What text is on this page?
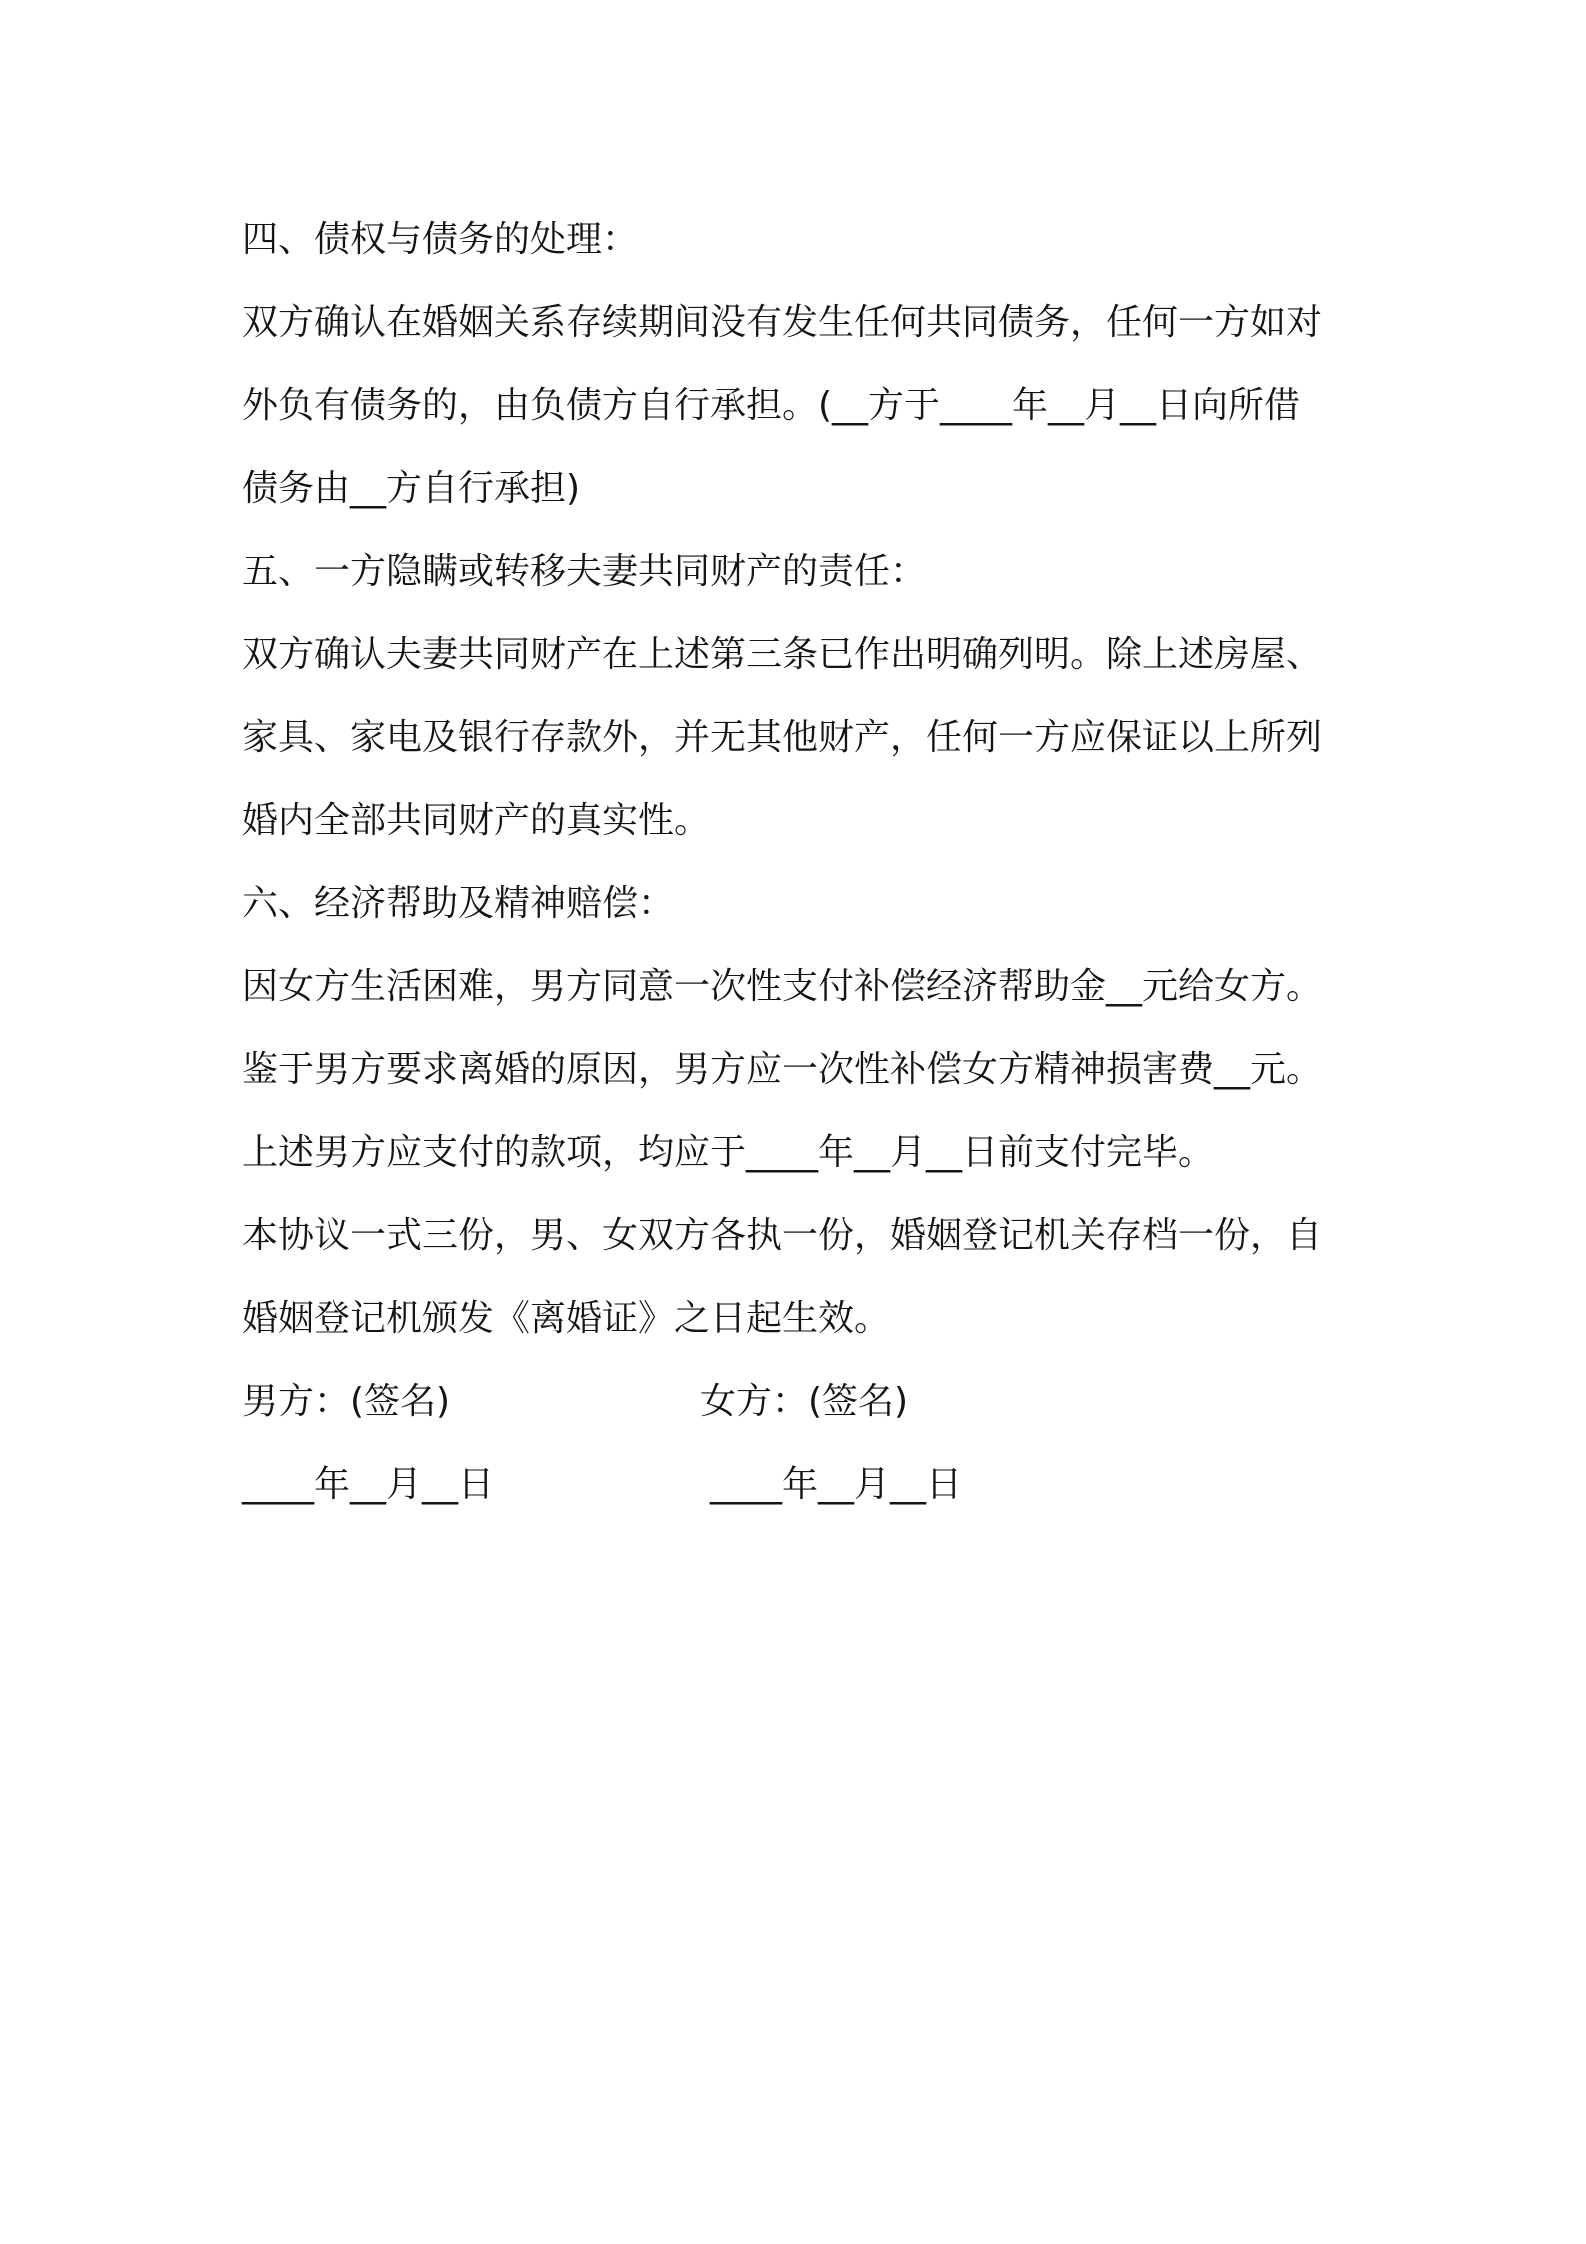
四、债权与债务的处理：

双方确认在婚姻关系存续期间没有发生任何共同债务，任何一方如对

外负有债务的，由负债方自行承担。(__方于____年__月__日向所借

债务由__方自行承担)

五、一方隐瞒或转移夫妻共同财产的责任：

双方确认夫妻共同财产在上述第三条已作出明确列明。除上述房屋、

家具、家电及银行存款外，并无其他财产，任何一方应保证以上所列

婚内全部共同财产的真实性。

六、经济帮助及精神赔偿：

因女方生活困难，男方同意一次性支付补偿经济帮助金__元给女方。

鉴于男方要求离婚的原因，男方应一次性补偿女方精神损害费__元。

上述男方应支付的款项，均应于____年__月__日前支付完毕。

本协议一式三份，男、女双方各执一份，婚姻登记机关存档一份，自

婚姻登记机颁发《离婚证》之日起生效。

男方：(签名)

	女方：(签名)

____年__月__日

	____年__月__日
